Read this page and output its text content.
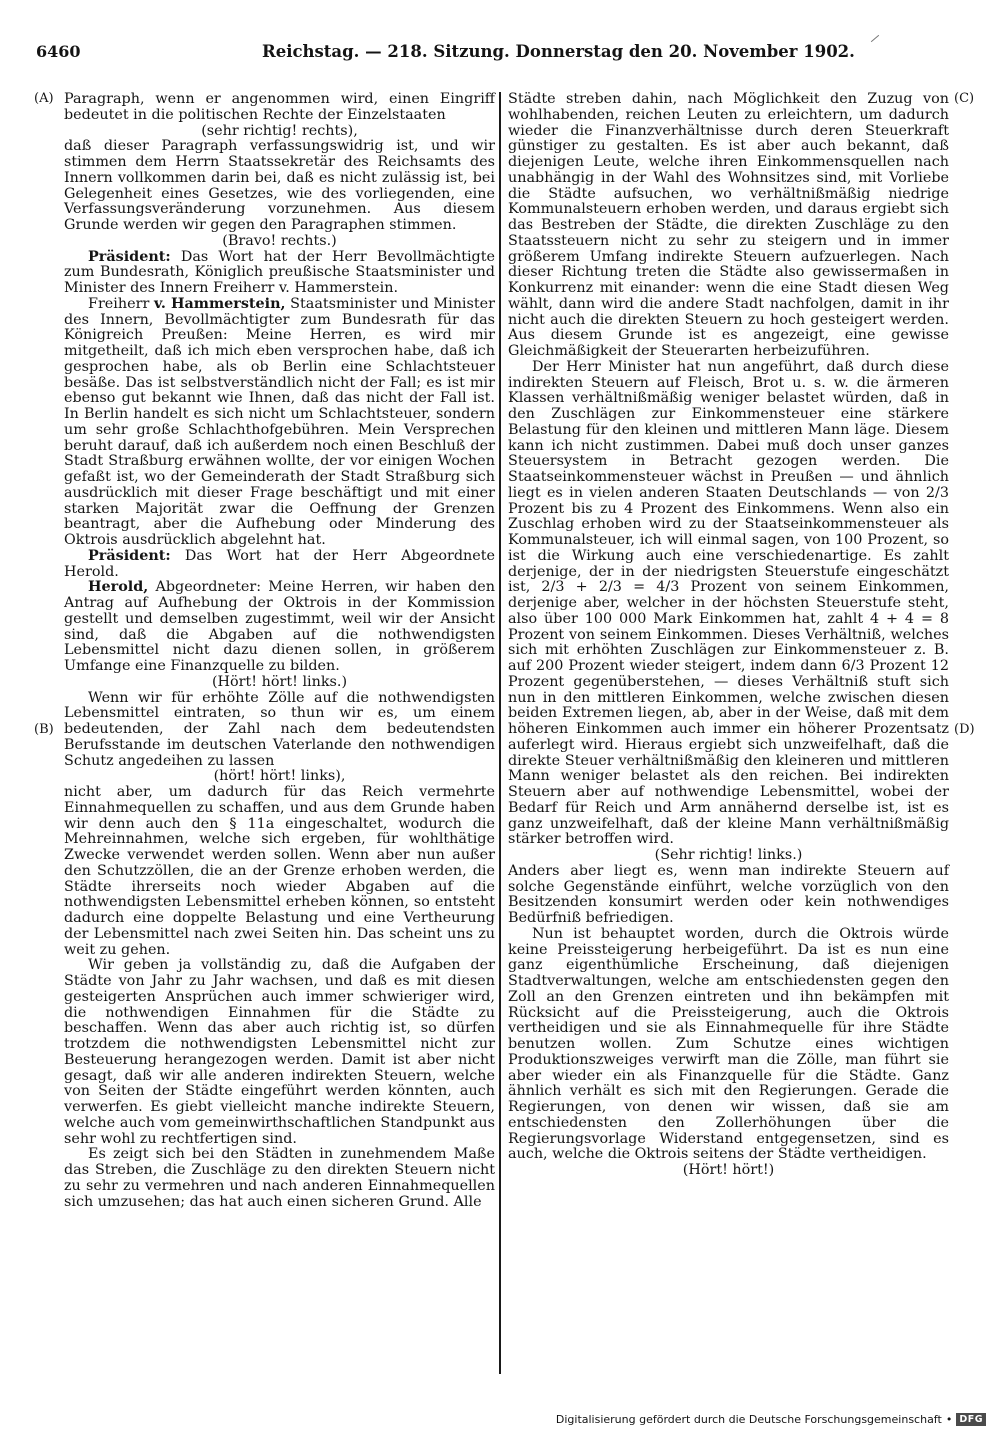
6460	Reichstag. — 218. Sitzung. Donnerstag den 20. November 1902.
(A)
(B)
(C)
(D)

Paragraph, wenn er angenommen wird, einen Eingriff bedeutet in die politischen Rechte der Einzelstaaten

(sehr richtig! rechts),

daß dieser Paragraph verfassungswidrig ist, und wir stimmen dem Herrn Staatssekretär des Reichsamts des Innern vollkommen darin bei, daß es nicht zulässig ist, bei Gelegenheit eines Gesetzes, wie des vorliegenden, eine Verfassungsveränderung vorzunehmen. Aus diesem Grunde werden wir gegen den Paragraphen stimmen.

(Bravo! rechts.)

Präsident: Das Wort hat der Herr Bevollmächtigte zum Bundesrath, Königlich preußische Staatsminister und Minister des Innern Freiherr v. Hammerstein.

Freiherr v. Hammerstein, Staatsminister und Minister des Innern, Bevollmächtigter zum Bundesrath für das Königreich Preußen: Meine Herren, es wird mir mitgetheilt, daß ich mich eben versprochen habe, daß ich gesprochen habe, als ob Berlin eine Schlachtsteuer besäße. Das ist selbstverständlich nicht der Fall; es ist mir ebenso gut bekannt wie Ihnen, daß das nicht der Fall ist. In Berlin handelt es sich nicht um Schlachtsteuer, sondern um sehr große Schlachthofgebühren. Mein Versprechen beruht darauf, daß ich außerdem noch einen Beschluß der Stadt Straßburg erwähnen wollte, der vor einigen Wochen gefaßt ist, wo der Gemeinderath der Stadt Straßburg sich ausdrücklich mit dieser Frage beschäftigt und mit einer starken Majorität zwar die Oeffnung der Grenzen beantragt, aber die Aufhebung oder Minderung des Oktrois ausdrücklich abgelehnt hat.

Präsident: Das Wort hat der Herr Abgeordnete Herold.

Herold, Abgeordneter: Meine Herren, wir haben den Antrag auf Aufhebung der Oktrois in der Kommission gestellt und demselben zugestimmt, weil wir der Ansicht sind, daß die Abgaben auf die nothwendigsten Lebensmittel nicht dazu dienen sollen, in größerem Umfange eine Finanzquelle zu bilden.

(Hört! hört! links.)

Wenn wir für erhöhte Zölle auf die nothwendigsten Lebensmittel eintraten, so thun wir es, um einem bedeutenden, der Zahl nach dem bedeutendsten Berufsstande im deutschen Vaterlande den nothwendigen Schutz angedeihen zu lassen

(hört! hört! links),

nicht aber, um dadurch für das Reich vermehrte Einnahmequellen zu schaffen, und aus dem Grunde haben wir denn auch den § 11a eingeschaltet, wodurch die Mehreinnahmen, welche sich ergeben, für wohlthätige Zwecke verwendet werden sollen. Wenn aber nun außer den Schutzzöllen, die an der Grenze erhoben werden, die Städte ihrerseits noch wieder Abgaben auf die nothwendigsten Lebensmittel erheben können, so entsteht dadurch eine doppelte Belastung und eine Vertheurung der Lebensmittel nach zwei Seiten hin. Das scheint uns zu weit zu gehen.

Wir geben ja vollständig zu, daß die Aufgaben der Städte von Jahr zu Jahr wachsen, und daß es mit diesen gesteigerten Ansprüchen auch immer schwieriger wird, die nothwendigen Einnahmen für die Städte zu beschaffen. Wenn das aber auch richtig ist, so dürfen trotzdem die nothwendigsten Lebensmittel nicht zur Besteuerung herangezogen werden. Damit ist aber nicht gesagt, daß wir alle anderen indirekten Steuern, welche von Seiten der Städte eingeführt werden könnten, auch verwerfen. Es giebt vielleicht manche indirekte Steuern, welche auch vom gemeinwirthschaftlichen Standpunkt aus sehr wohl zu rechtfertigen sind.

Es zeigt sich bei den Städten in zunehmendem Maße das Streben, die Zuschläge zu den direkten Steuern nicht zu sehr zu vermehren und nach anderen Einnahmequellen sich umzusehen; das hat auch einen sicheren Grund. Alle

Städte streben dahin, nach Möglichkeit den Zuzug von wohlhabenden, reichen Leuten zu erleichtern, um dadurch wieder die Finanzverhältnisse durch deren Steuerkraft günstiger zu gestalten. Es ist aber auch bekannt, daß diejenigen Leute, welche ihren Einkommensquellen nach unabhängig in der Wahl des Wohnsitzes sind, mit Vorliebe die Städte aufsuchen, wo verhältnißmäßig niedrige Kommunalsteuern erhoben werden, und daraus ergiebt sich das Bestreben der Städte, die direkten Zuschläge zu den Staatssteuern nicht zu sehr zu steigern und in immer größerem Umfang indirekte Steuern aufzuerlegen. Nach dieser Richtung treten die Städte also gewissermaßen in Konkurrenz mit einander: wenn die eine Stadt diesen Weg wählt, dann wird die andere Stadt nachfolgen, damit in ihr nicht auch die direkten Steuern zu hoch gesteigert werden. Aus diesem Grunde ist es angezeigt, eine gewisse Gleichmäßigkeit der Steuerarten herbeizuführen.

Der Herr Minister hat nun angeführt, daß durch diese indirekten Steuern auf Fleisch, Brot u. s. w. die ärmeren Klassen verhältnißmäßig weniger belastet würden, daß in den Zuschlägen zur Einkommensteuer eine stärkere Belastung für den kleinen und mittleren Mann läge. Diesem kann ich nicht zustimmen. Dabei muß doch unser ganzes Steuersystem in Betracht gezogen werden. Die Staatseinkommensteuer wächst in Preußen — und ähnlich liegt es in vielen anderen Staaten Deutschlands — von 2/3 Prozent bis zu 4 Prozent des Einkommens. Wenn also ein Zuschlag erhoben wird zu der Staatseinkommensteuer als Kommunalsteuer, ich will einmal sagen, von 100 Prozent, so ist die Wirkung auch eine verschiedenartige. Es zahlt derjenige, der in der niedrigsten Steuerstufe eingeschätzt ist, 2/3 + 2/3 = 4/3 Prozent von seinem Einkommen, derjenige aber, welcher in der höchsten Steuerstufe steht, also über 100 000 Mark Einkommen hat, zahlt 4 + 4 = 8 Prozent von seinem Einkommen. Dieses Verhältniß, welches sich mit erhöhten Zuschlägen zur Einkommensteuer z. B. auf 200 Prozent wieder steigert, indem dann 6/3 Prozent 12 Prozent gegenüberstehen, — dieses Verhältniß stuft sich nun in den mittleren Einkommen, welche zwischen diesen beiden Extremen liegen, ab, aber in der Weise, daß mit dem höheren Einkommen auch immer ein höherer Prozentsatz auferlegt wird. Hieraus ergiebt sich unzweifelhaft, daß die direkte Steuer verhältnißmäßig den kleineren und mittleren Mann weniger belastet als den reichen. Bei indirekten Steuern aber auf nothwendige Lebensmittel, wobei der Bedarf für Reich und Arm annähernd derselbe ist, ist es ganz unzweifelhaft, daß der kleine Mann verhältnißmäßig stärker betroffen wird.

(Sehr richtig! links.)

Anders aber liegt es, wenn man indirekte Steuern auf solche Gegenstände einführt, welche vorzüglich von den Besitzenden konsumirt werden oder kein nothwendiges Bedürfniß befriedigen.

Nun ist behauptet worden, durch die Oktrois würde keine Preissteigerung herbeigeführt. Da ist es nun eine ganz eigenthümliche Erscheinung, daß diejenigen Stadtverwaltungen, welche am entschiedensten gegen den Zoll an den Grenzen eintreten und ihn bekämpfen mit Rücksicht auf die Preissteigerung, auch die Oktrois vertheidigen und sie als Einnahmequelle für ihre Städte benutzen wollen. Zum Schutze eines wichtigen Produktionszweiges verwirft man die Zölle, man führt sie aber wieder ein als Finanzquelle für die Städte. Ganz ähnlich verhält es sich mit den Regierungen. Gerade die Regierungen, von denen wir wissen, daß sie am entschiedensten den Zollerhöhungen über die Regierungsvorlage Widerstand entgegensetzen, sind es auch, welche die Oktrois seitens der Städte vertheidigen.

(Hört! hört!)

Digitalisierung gefördert durch die Deutsche Forschungsgemeinschaft • DFG
